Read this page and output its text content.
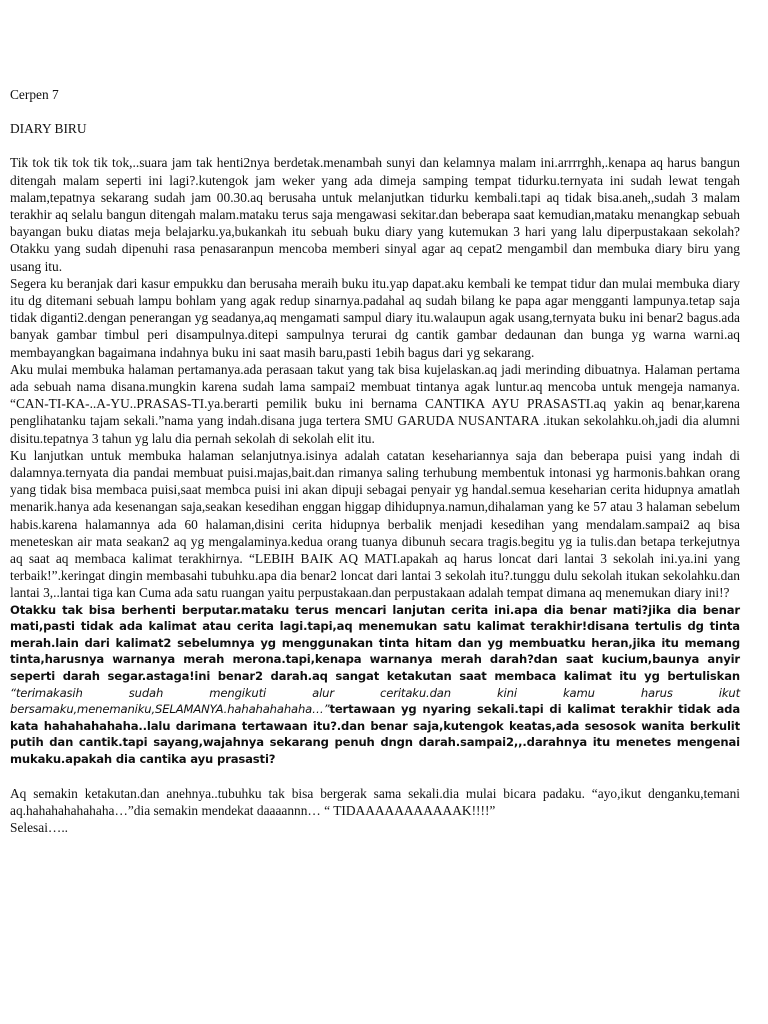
Cerpen 7

DIARY BIRU

Tik tok tik tok tik tok,..suara jam tak henti2nya berdetak.menambah sunyi dan kelamnya malam ini.arrrrghh,.kenapa aq harus bangun ditengah malam seperti ini lagi?.kutengok jam weker yang ada dimeja samping tempat tidurku.ternyata ini sudah lewat tengah malam,tepatnya sekarang sudah jam 00.30.aq berusaha untuk melanjutkan tidurku kembali.tapi aq tidak bisa.aneh,,sudah 3 malam terakhir aq selalu bangun ditengah malam.mataku terus saja mengawasi sekitar.dan beberapa saat kemudian,mataku menangkap sebuah bayangan buku diatas meja belajarku.ya,bukankah itu sebuah buku diary yang kutemukan 3 hari yang lalu diperpustakaan sekolah? Otakku yang sudah dipenuhi rasa penasaranpun mencoba memberi sinyal agar aq cepat2 mengambil dan membuka diary biru yang usang itu.

Segera ku beranjak dari kasur empukku dan berusaha meraih buku itu.yap dapat.aku kembali ke tempat tidur dan mulai membuka diary itu dg ditemani sebuah lampu bohlam yang agak redup sinarnya.padahal aq sudah bilang ke papa agar mengganti lampunya.tetap saja tidak diganti2.dengan penerangan yg seadanya,aq mengamati sampul diary itu.walaupun agak usang,ternyata buku ini benar2 bagus.ada banyak gambar timbul peri disampulnya.ditepi sampulnya terurai dg cantik gambar dedaunan dan bunga yg warna warni.aq membayangkan bagaimana indahnya buku ini saat masih baru,pasti 1ebih bagus dari yg sekarang.

Aku mulai membuka halaman pertamanya.ada perasaan takut yang tak bisa kujelaskan.aq jadi merinding dibuatnya. Halaman pertama ada sebuah nama disana.mungkin karena sudah lama sampai2 membuat tintanya agak luntur.aq mencoba untuk mengeja namanya. “CAN-TI-KA-..A-YU..PRASAS-TI.ya.berarti pemilik buku ini bernama CANTIKA AYU PRASASTI.aq yakin aq benar,karena penglihatanku tajam sekali.”nama yang indah.disana juga tertera SMU GARUDA NUSANTARA .itukan sekolahku.oh,jadi dia alumni disitu.tepatnya 3 tahun yg lalu dia pernah sekolah di sekolah elit itu.

Ku lanjutkan untuk membuka halaman selanjutnya.isinya adalah catatan kesehariannya saja dan beberapa puisi yang indah di dalamnya.ternyata dia pandai membuat puisi.majas,bait.dan rimanya saling terhubung membentuk intonasi yg harmonis.bahkan orang yang tidak bisa membaca puisi,saat membca puisi ini akan dipuji sebagai penyair yg handal.semua keseharian cerita hidupnya amatlah menarik.hanya ada kesenangan saja,seakan kesedihan enggan higgap dihidupnya.namun,dihalaman yang ke 57 atau 3 halaman sebelum habis.karena halamannya ada 60 halaman,disini cerita hidupnya berbalik menjadi kesedihan yang mendalam.sampai2 aq bisa meneteskan air mata seakan2 aq yg mengalaminya.kedua orang tuanya dibunuh secara tragis.begitu yg ia tulis.dan betapa terkejutnya aq saat aq membaca kalimat terakhirnya. “LEBIH BAIK AQ MATI.apakah aq harus loncat dari lantai 3 sekolah ini.ya.ini yang terbaik!”.keringat dingin membasahi tubuhku.apa dia benar2 loncat dari lantai 3 sekolah itu?.tunggu dulu sekolah itukan sekolahku.dan lantai 3,..lantai tiga kan Cuma ada satu ruangan yaitu perpustakaan.dan perpustakaan adalah tempat dimana aq menemukan diary ini!?

Otakku tak bisa berhenti berputar.mataku terus mencari lanjutan cerita ini.apa dia benar mati?jika dia benar mati,pasti tidak ada kalimat atau cerita lagi.tapi,aq menemukan satu kalimat terakhir!disana tertulis dg tinta merah.lain dari kalimat2 sebelumnya yg menggunakan tinta hitam dan yg membuatku heran,jika itu memang tinta,harusnya warnanya merah merona.tapi,kenapa warnanya merah darah?dan saat kucium,baunya anyir seperti darah segar.astaga!ini benar2 darah.aq sangat ketakutan saat membaca kalimat itu yg bertuliskan “terimakasih sudah mengikuti alur ceritaku.dan kini kamu harus ikut bersamaku,menemaniku,SELAMANYA.hahahahahaha…”tertawaan yg nyaring sekali.tapi di kalimat terakhir tidak ada kata hahahahahaha..lalu darimana tertawaan itu?.dan benar saja,kutengok keatas,ada sesosok wanita berkulit putih dan cantik.tapi sayang,wajahnya sekarang penuh dngn darah.sampai2,,.darahnya itu menetes mengenai mukaku.apakah dia cantika ayu prasasti?

Aq semakin ketakutan.dan anehnya..tubuhku tak bisa bergerak sama sekali.dia mulai bicara padaku. “ayo,ikut denganku,temani aq.hahahahahahaha…”dia semakin mendekat daaaannn… “ TIDAAAAAAAAAAAK!!!!”

Selesai…..
